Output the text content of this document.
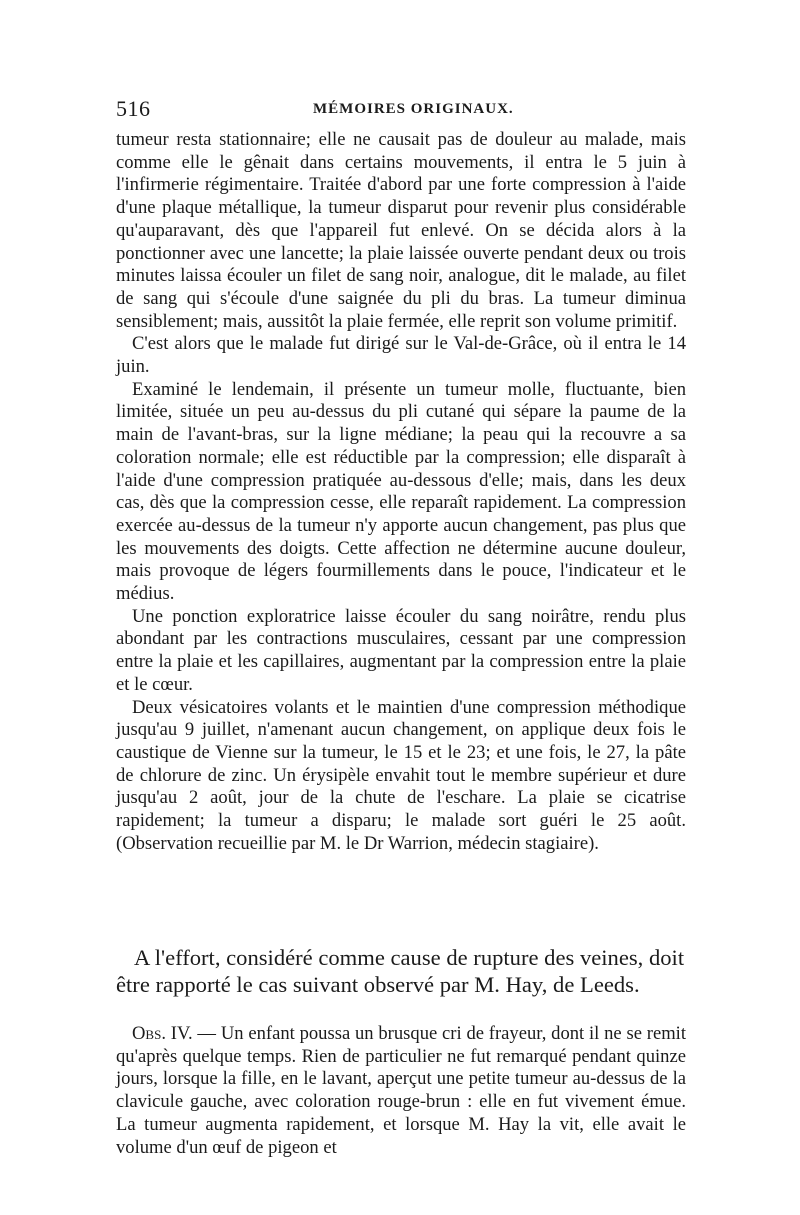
516	MÉMOIRES ORIGINAUX.

tumeur resta stationnaire; elle ne causait pas de douleur au malade, mais comme elle le gênait dans certains mouvements, il entra le 5 juin à l'infirmerie régimentaire. Traitée d'abord par une forte compression à l'aide d'une plaque métallique, la tumeur disparut pour revenir plus considérable qu'auparavant, dès que l'appareil fut enlevé. On se décida alors à la ponctionner avec une lancette; la plaie laissée ouverte pendant deux ou trois minutes laissa écouler un filet de sang noir, analogue, dit le malade, au filet de sang qui s'écoule d'une saignée du pli du bras. La tumeur diminua sensiblement; mais, aussitôt la plaie fermée, elle reprit son volume primitif.

C'est alors que le malade fut dirigé sur le Val-de-Grâce, où il entra le 14 juin.

Examiné le lendemain, il présente un tumeur molle, fluctuante, bien limitée, située un peu au-dessus du pli cutané qui sépare la paume de la main de l'avant-bras, sur la ligne médiane; la peau qui la recouvre a sa coloration normale; elle est réductible par la compression; elle disparaît à l'aide d'une compression pratiquée au-dessous d'elle; mais, dans les deux cas, dès que la compression cesse, elle reparaît rapidement. La compression exercée au-dessus de la tumeur n'y apporte aucun changement, pas plus que les mouvements des doigts. Cette affection ne détermine aucune douleur, mais provoque de légers fourmillements dans le pouce, l'indicateur et le médius.

Une ponction exploratrice laisse écouler du sang noirâtre, rendu plus abondant par les contractions musculaires, cessant par une compression entre la plaie et les capillaires, augmentant par la compression entre la plaie et le cœur.

Deux vésicatoires volants et le maintien d'une compression méthodique jusqu'au 9 juillet, n'amenant aucun changement, on applique deux fois le caustique de Vienne sur la tumeur, le 15 et le 23; et une fois, le 27, la pâte de chlorure de zinc. Un érysipèle envahit tout le membre supérieur et dure jusqu'au 2 août, jour de la chute de l'eschare. La plaie se cicatrise rapidement; la tumeur a disparu; le malade sort guéri le 25 août. (Observation recueillie par M. le Dr Warrion, médecin stagiaire).

A l'effort, considéré comme cause de rupture des veines, doit être rapporté le cas suivant observé par M. Hay, de Leeds.

Obs. IV. — Un enfant poussa un brusque cri de frayeur, dont il ne se remit qu'après quelque temps. Rien de particulier ne fut remarqué pendant quinze jours, lorsque la fille, en le lavant, aperçut une petite tumeur au-dessus de la clavicule gauche, avec coloration rouge-brun : elle en fut vivement émue. La tumeur augmenta rapidement, et lorsque M. Hay la vit, elle avait le volume d'un œuf de pigeon et
